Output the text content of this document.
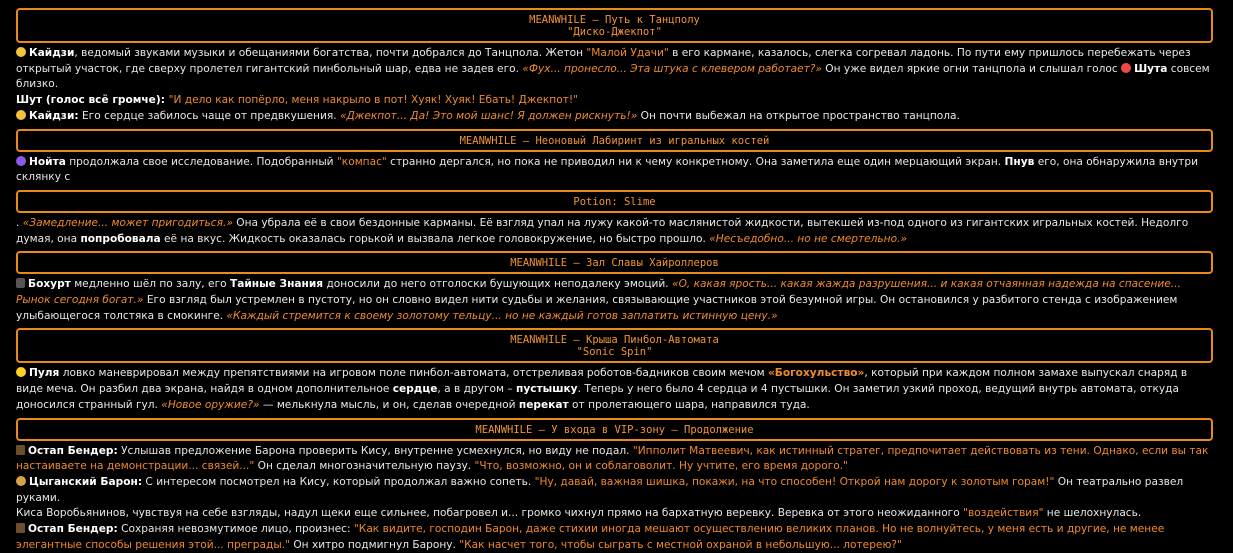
MEANWHILE – Путь к Танцполу
"Диско-Джекпот"

Кайдзи, ведомый звуками музыки и обещаниями богатства, почти добрался до Танцпола. Жетон "Малой Удачи" в его кармане, казалось, слегка согревал ладонь. По пути ему пришлось перебежать через открытый участок, где сверху пролетел гигантский пинбольный шар, едва не задев его. «Фух... пронесло... Эта штука с клевером работает?» Он уже видел яркие огни танцпола и слышал голос Шута совсем близко.

Шут (голос всё громче): "И дело как попёрло, меня накрыло в пот! Хуяк! Хуяк! Ебать! Джекпот!"

Кайдзи: Его сердце забилось чаще от предвкушения. «Джекпот... Да! Это мой шанс! Я должен рискнуть!» Он почти выбежал на открытое пространство танцпола.

MEANWHILE – Неоновый Лабиринт из игральных костей

Нойта продолжала свое исследование. Подобранный "компас" странно дергался, но пока не приводил ни к чему конкретному. Она заметила еще один мерцающий экран. Пнув его, она обнаружила внутри склянку с

Potion: Slime

. «Замедление... может пригодиться.» Она убрала её в свои бездонные карманы. Её взгляд упал на лужу какой-то маслянистой жидкости, вытекшей из-под одного из гигантских игральных костей. Недолго думая, она попробовала её на вкус. Жидкость оказалась горькой и вызвала легкое головокружение, но быстро прошло. «Несъедобно... но не смертельно.»

MEANWHILE – Зал Славы Хайроллеров

Бохурт медленно шёл по залу, его Тайные Знания доносили до него отголоски бушующих неподалеку эмоций. «О, какая ярость... какая жажда разрушения... и какая отчаянная надежда на спасение... Рынок сегодня богат.» Его взгляд был устремлен в пустоту, но он словно видел нити судьбы и желания, связывающие участников этой безумной игры. Он остановился у разбитого стенда с изображением улыбающегося толстяка в смокинге. «Каждый стремится к своему золотому тельцу... но не каждый готов заплатить истинную цену.»

MEANWHILE – Крыша Пинбол-Автомата
"Sonic Spin"

Пуля ловко маневрировал между препятствиями на игровом поле пинбол-автомата, отстреливая роботов-бадников своим мечом «Богохульство», который при каждом полном замахе выпускал снаряд в виде меча. Он разбил два экрана, найдя в одном дополнительное сердце, а в другом – пустышку. Теперь у него было 4 сердца и 4 пустышки. Он заметил узкий проход, ведущий внутрь автомата, откуда доносился странный гул. «Новое оружие?» — мелькнула мысль, и он, сделав очередной перекат от пролетающего шара, направился туда.

MEANWHILE – У входа в VIP-зону – Продолжение

Остап Бендер: Услышав предложение Барона проверить Кису, внутренне усмехнулся, но виду не подал. "Ипполит Матвеевич, как истинный стратег, предпочитает действовать из тени. Однако, если вы так настаиваете на демонстрации... связей..." Он сделал многозначительную паузу. "Что, возможно, он и соблаговолит. Ну учтите, его время дорого."

Цыганский Барон: С интересом посмотрел на Кису, который продолжал важно сопеть. "Ну, давай, важная шишка, покажи, на что способен! Открой нам дорогу к золотым горам!" Он театрально развел руками.

Киса Воробьянинов, чувствуя на себе взгляды, надул щеки еще сильнее, побагровел и... громко чихнул прямо на бархатную веревку. Веревка от этого неожиданного "воздействия" не шелохнулась.

Остап Бендер: Сохраняя невозмутимое лицо, произнес: "Как видите, господин Барон, даже стихии иногда мешают осуществлению великих планов. Но не волнуйтесь, у меня есть и другие, не менее элегантные способы решения этой... преграды." Он хитро подмигнул Барону. "Как насчет того, чтобы сыграть с местной охраной в небольшую... лотерею?"
